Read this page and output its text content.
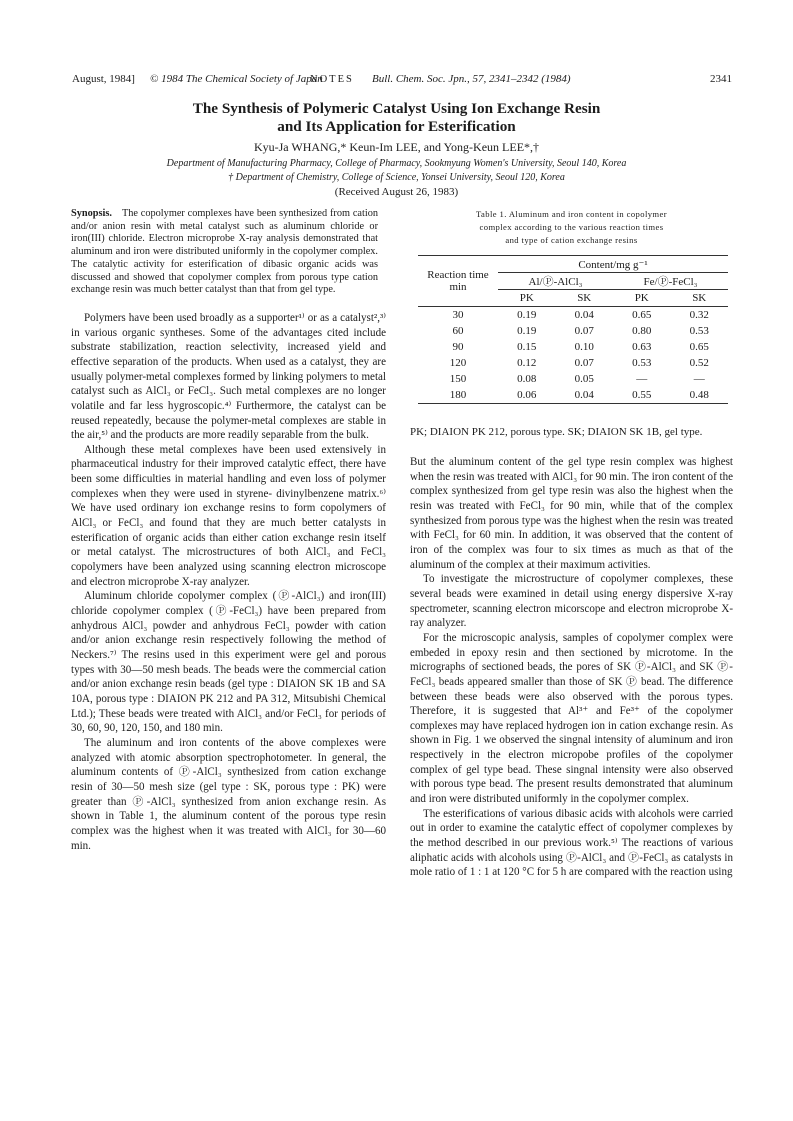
August, 1984]	© 1984 The Chemical Society of Japan
NOTES	Bull. Chem. Soc. Jpn., 57, 2341–2342 (1984)	2341
The Synthesis of Polymeric Catalyst Using Ion Exchange Resin
and Its Application for Esterification
Kyu-Ja WHANG,* Keun-Im LEE, and Yong-Keun LEE*,†
Department of Manufacturing Pharmacy, College of Pharmacy, Sookmyung Women's University, Seoul 140, Korea
† Department of Chemistry, College of Science, Yonsei University, Seoul 120, Korea
(Received August 26, 1983)
Synopsis. The copolymer complexes have been synthesized from cation and/or anion resin with metal catalyst such as aluminum chloride or iron(III) chloride. Electron microprobe X-ray analysis demonstrated that aluminum and iron were distributed uniformly in the copolymer complex. The catalytic activity for esterification of dibasic organic acids was discussed and showed that copolymer complex from porous type cation exchange resin was much better catalyst than that from gel type.

Polymers have been used broadly as a supporter¹⁾ or as a catalyst²,³⁾ in various organic syntheses. Some of the advantages cited include substrate stabilization, reaction selectivity, increased yield and effective separation of the products. When used as a catalyst, they are usually polymer-metal complexes formed by linking polymers to metal catalyst such as AlCl₃ or FeCl₃. Such metal complexes are no longer volatile and far less hygroscopic.⁴⁾ Furthermore, the catalyst can be reused repeatedly, because the polymer-metal complexes are stable in the air,⁵⁾ and the products are more readily separable from the bulk.

Although these metal complexes have been used extensively in pharmaceutical industry for their improved catalytic effect, there have been some difficulties in material handling and even loss of polymer complexes when they were used in styrene- divinylbenzene matrix.⁶⁾ We have used ordinary ion exchange resins to form copolymers of AlCl₃ or FeCl₃ and found that they are much better catalysts in esterification of organic acids than either cation exchange resin itself or metal catalyst. The microstructures of both AlCl₃ and FeCl₃ copolymers have been analyzed using scanning electron microscope and electron microprobe X-ray analyzer.

Aluminum chloride copolymer complex (Ⓟ-AlCl₃) and iron(III) chloride copolymer complex (Ⓟ-FeCl₃) have been prepared from anhydrous AlCl₃ powder and anhydrous FeCl₃ powder with cation and/or anion exchange resin respectively following the method of Neckers.⁷⁾ The resins used in this experiment were gel and porous types with 30—50 mesh beads. The beads were the commercial cation and/or anion exchange resin beads (gel type : DIAION SK 1B and SA 10A, porous type : DIAION PK 212 and PA 312, Mitsubishi Chemical Ltd.); These beads were treated with AlCl₃ and/or FeCl₃ for periods of 30, 60, 90, 120, 150, and 180 min.

The aluminum and iron contents of the above complexes were analyzed with atomic absorption spectrophotometer. In general, the aluminum contents of Ⓟ-AlCl₃ synthesized from cation exchange resin of 30—50 mesh size (gel type : SK, porous type : PK) were greater than Ⓟ-AlCl₃ synthesized from anion exchange resin. As shown in Table 1, the aluminum content of the porous type resin complex was the highest when it was treated with AlCl₃ for 30—60 min.

Table 1. Aluminum and iron content in copolymer
complex according to the various reaction times
and type of cation exchange resins
Reaction time
min	Content/mg g⁻¹			
	Al/Ⓟ-AlCl₃		Fe/Ⓟ-FeCl₃	
	PK	SK	PK	SK
30	0.19	0.04	0.65	0.32
60	0.19	0.07	0.80	0.53
90	0.15	0.10	0.63	0.65
120	0.12	0.07	0.53	0.52
150	0.08	0.05	—	—
180	0.06	0.04	0.55	0.48
PK; DIAION PK 212, porous type. SK; DIAION SK 1B, gel type.

But the aluminum content of the gel type resin complex was highest when the resin was treated with AlCl₃ for 90 min. The iron content of the complex synthesized from gel type resin was also the highest when the resin was treated with FeCl₃ for 90 min, while that of the complex synthesized from porous type was the highest when the resin was treated with FeCl₃ for 60 min. In addition, it was observed that the content of iron of the complex was four to six times as much as that of the aluminum of the complex at their maximum activities.

To investigate the microstructure of copolymer complexes, these several beads were examined in detail using energy dispersive X-ray spectrometer, scanning electron micorscope and electron microprobe X-ray analyzer.

For the microscopic analysis, samples of copolymer complex were embeded in epoxy resin and then sectioned by microtome. In the micrographs of sectioned beads, the pores of SK Ⓟ-AlCl₃ and SK Ⓟ-FeCl₃ beads appeared smaller than those of SK Ⓟ bead. The difference between these beads were also observed with the porous types. Therefore, it is suggested that Al³⁺ and Fe³⁺ of the copolymer complexes may have replaced hydrogen ion in cation exchange resin. As shown in Fig. 1 we observed the singnal intensity of aluminum and iron respectively in the electron micropobe profiles of the copolymer complex of gel type bead. These singnal intensity were also observed with porous type bead. The present results demonstrated that aluminum and iron were distributed uniformly in the copolymer complex.

The esterifications of various dibasic acids with alcohols were carried out in order to examine the catalytic effect of copolymer complexes by the method described in our previous work.⁵⁾ The reactions of various aliphatic acids with alcohols using Ⓟ-AlCl₃ and Ⓟ-FeCl₃ as catalysts in mole ratio of 1 : 1 at 120 °C for 5 h are compared with the reaction using
